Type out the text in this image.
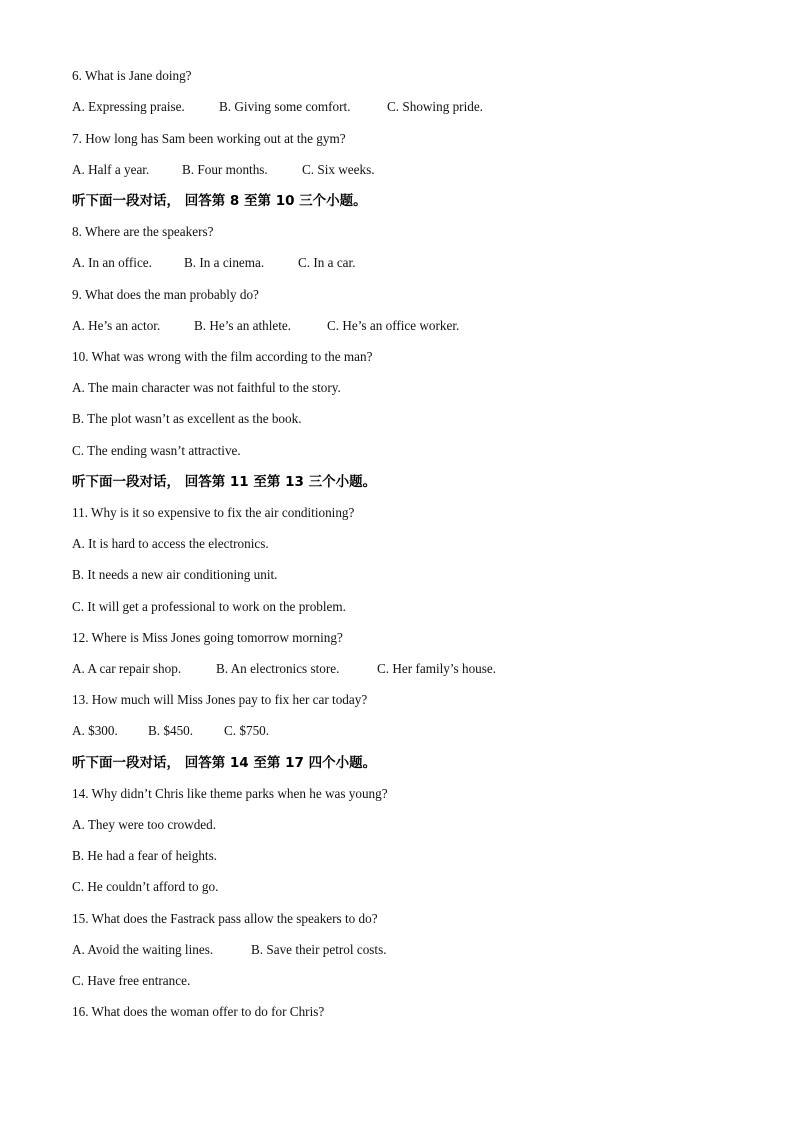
6. What is Jane doing?
A. Expressing praise.	B. Giving some comfort.	C. Showing pride.
7. How long has Sam been working out at the gym?
A. Half a year. B. Four months.	C. Six weeks.
听下面一段对话， 回答第 8 至第 10 三个小题。
8. Where are the speakers?
A. In an office. B. In a cinema.	C. In a car.
9. What does the man probably do?
A. He’s an actor.	B. He’s an athlete.	C. He’s an office worker.
10. What was wrong with the film according to the man?
A. The main character was not faithful to the story.
B. The plot wasn’t as excellent as the book.
C. The ending wasn’t attractive.
听下面一段对话， 回答第 11 至第 13 三个小题。
11. Why is it so expensive to fix the air conditioning?
A. It is hard to access the electronics.
B. It needs a new air conditioning unit.
C. It will get a professional to work on the problem.
12. Where is Miss Jones going tomorrow morning?
A. A car repair shop.	B. An electronics store.	C. Her family’s house.
13. How much will Miss Jones pay to fix her car today?
A. $300. B. $450. C. $750.
听下面一段对话， 回答第 14 至第 17 四个小题。
14. Why didn’t Chris like theme parks when he was young?
A. They were too crowded.
B. He had a fear of heights.
C. He couldn’t afford to go.
15. What does the Fastrack pass allow the speakers to do?
A. Avoid the waiting lines.	B. Save their petrol costs.
C. Have free entrance.
16. What does the woman offer to do for Chris?
